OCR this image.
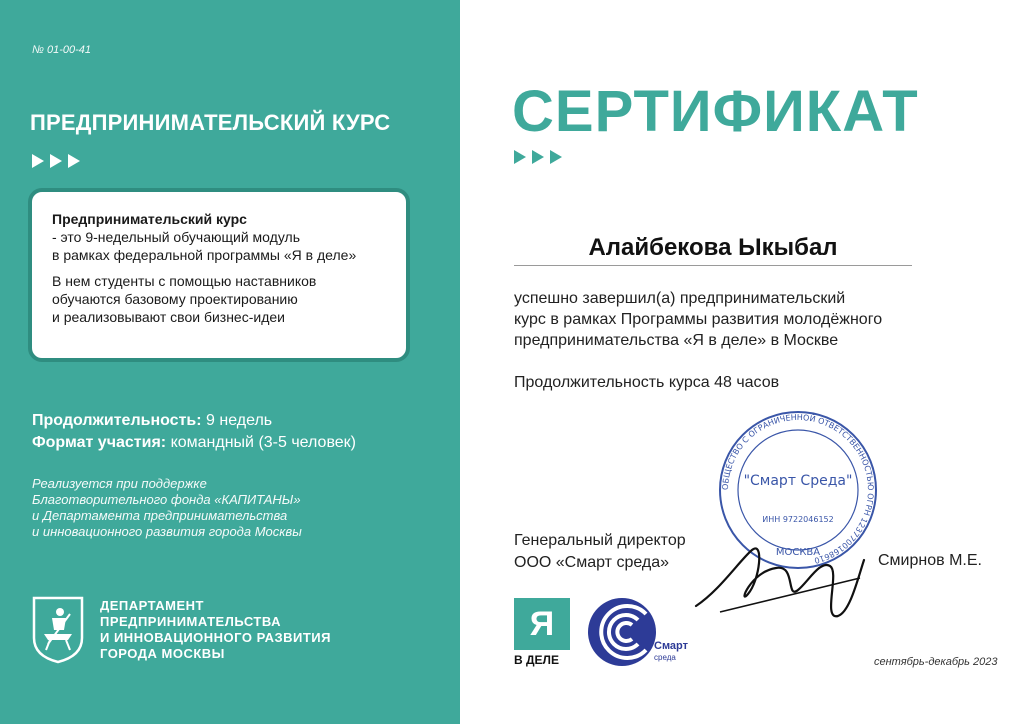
№ 01-00-41
ПРЕДПРИНИМАТЕЛЬСКИЙ КУРС

Предпринимательский курс
- это 9-недельный обучающий модуль
в рамках федеральной программы «Я в деле»

В нем студенты с помощью наставников
обучаются базовому проектированию
и реализовывают свои бизнес-идеи

Продолжительность: 9 недель
Формат участия: командный (3-5 человек)
Реализуется при поддержке
Благотворительного фонда «КАПИТАНЫ»
и Департамента предпринимательства
и инновационного развития города Москвы
ДЕПАРТАМЕНТ
ПРЕДПРИНИМАТЕЛЬСТВА
И ИННОВАЦИОННОГО РАЗВИТИЯ
ГОРОДА МОСКВЫ
СЕРТИФИКАТ
Алайбекова Ыкыбал
успешно завершил(а) предпринимательский
курс в рамках Программы развития молодёжного
предпринимательства «Я в деле» в Москве
Продолжительность курса 48 часов
ОБЩЕСТВО С ОГРАНИЧЕННОЙ ОТВЕТСТВЕННОСТЬЮ ОГРН 1237700168610
"Смарт Среда"
ИНН 9722046152
МОСКВА
Генеральный директор
ООО «Смарт среда»	Смирнов М.Е.
Я
В ДЕЛЕ
Смарт
среда	сентябрь-декабрь 2023
